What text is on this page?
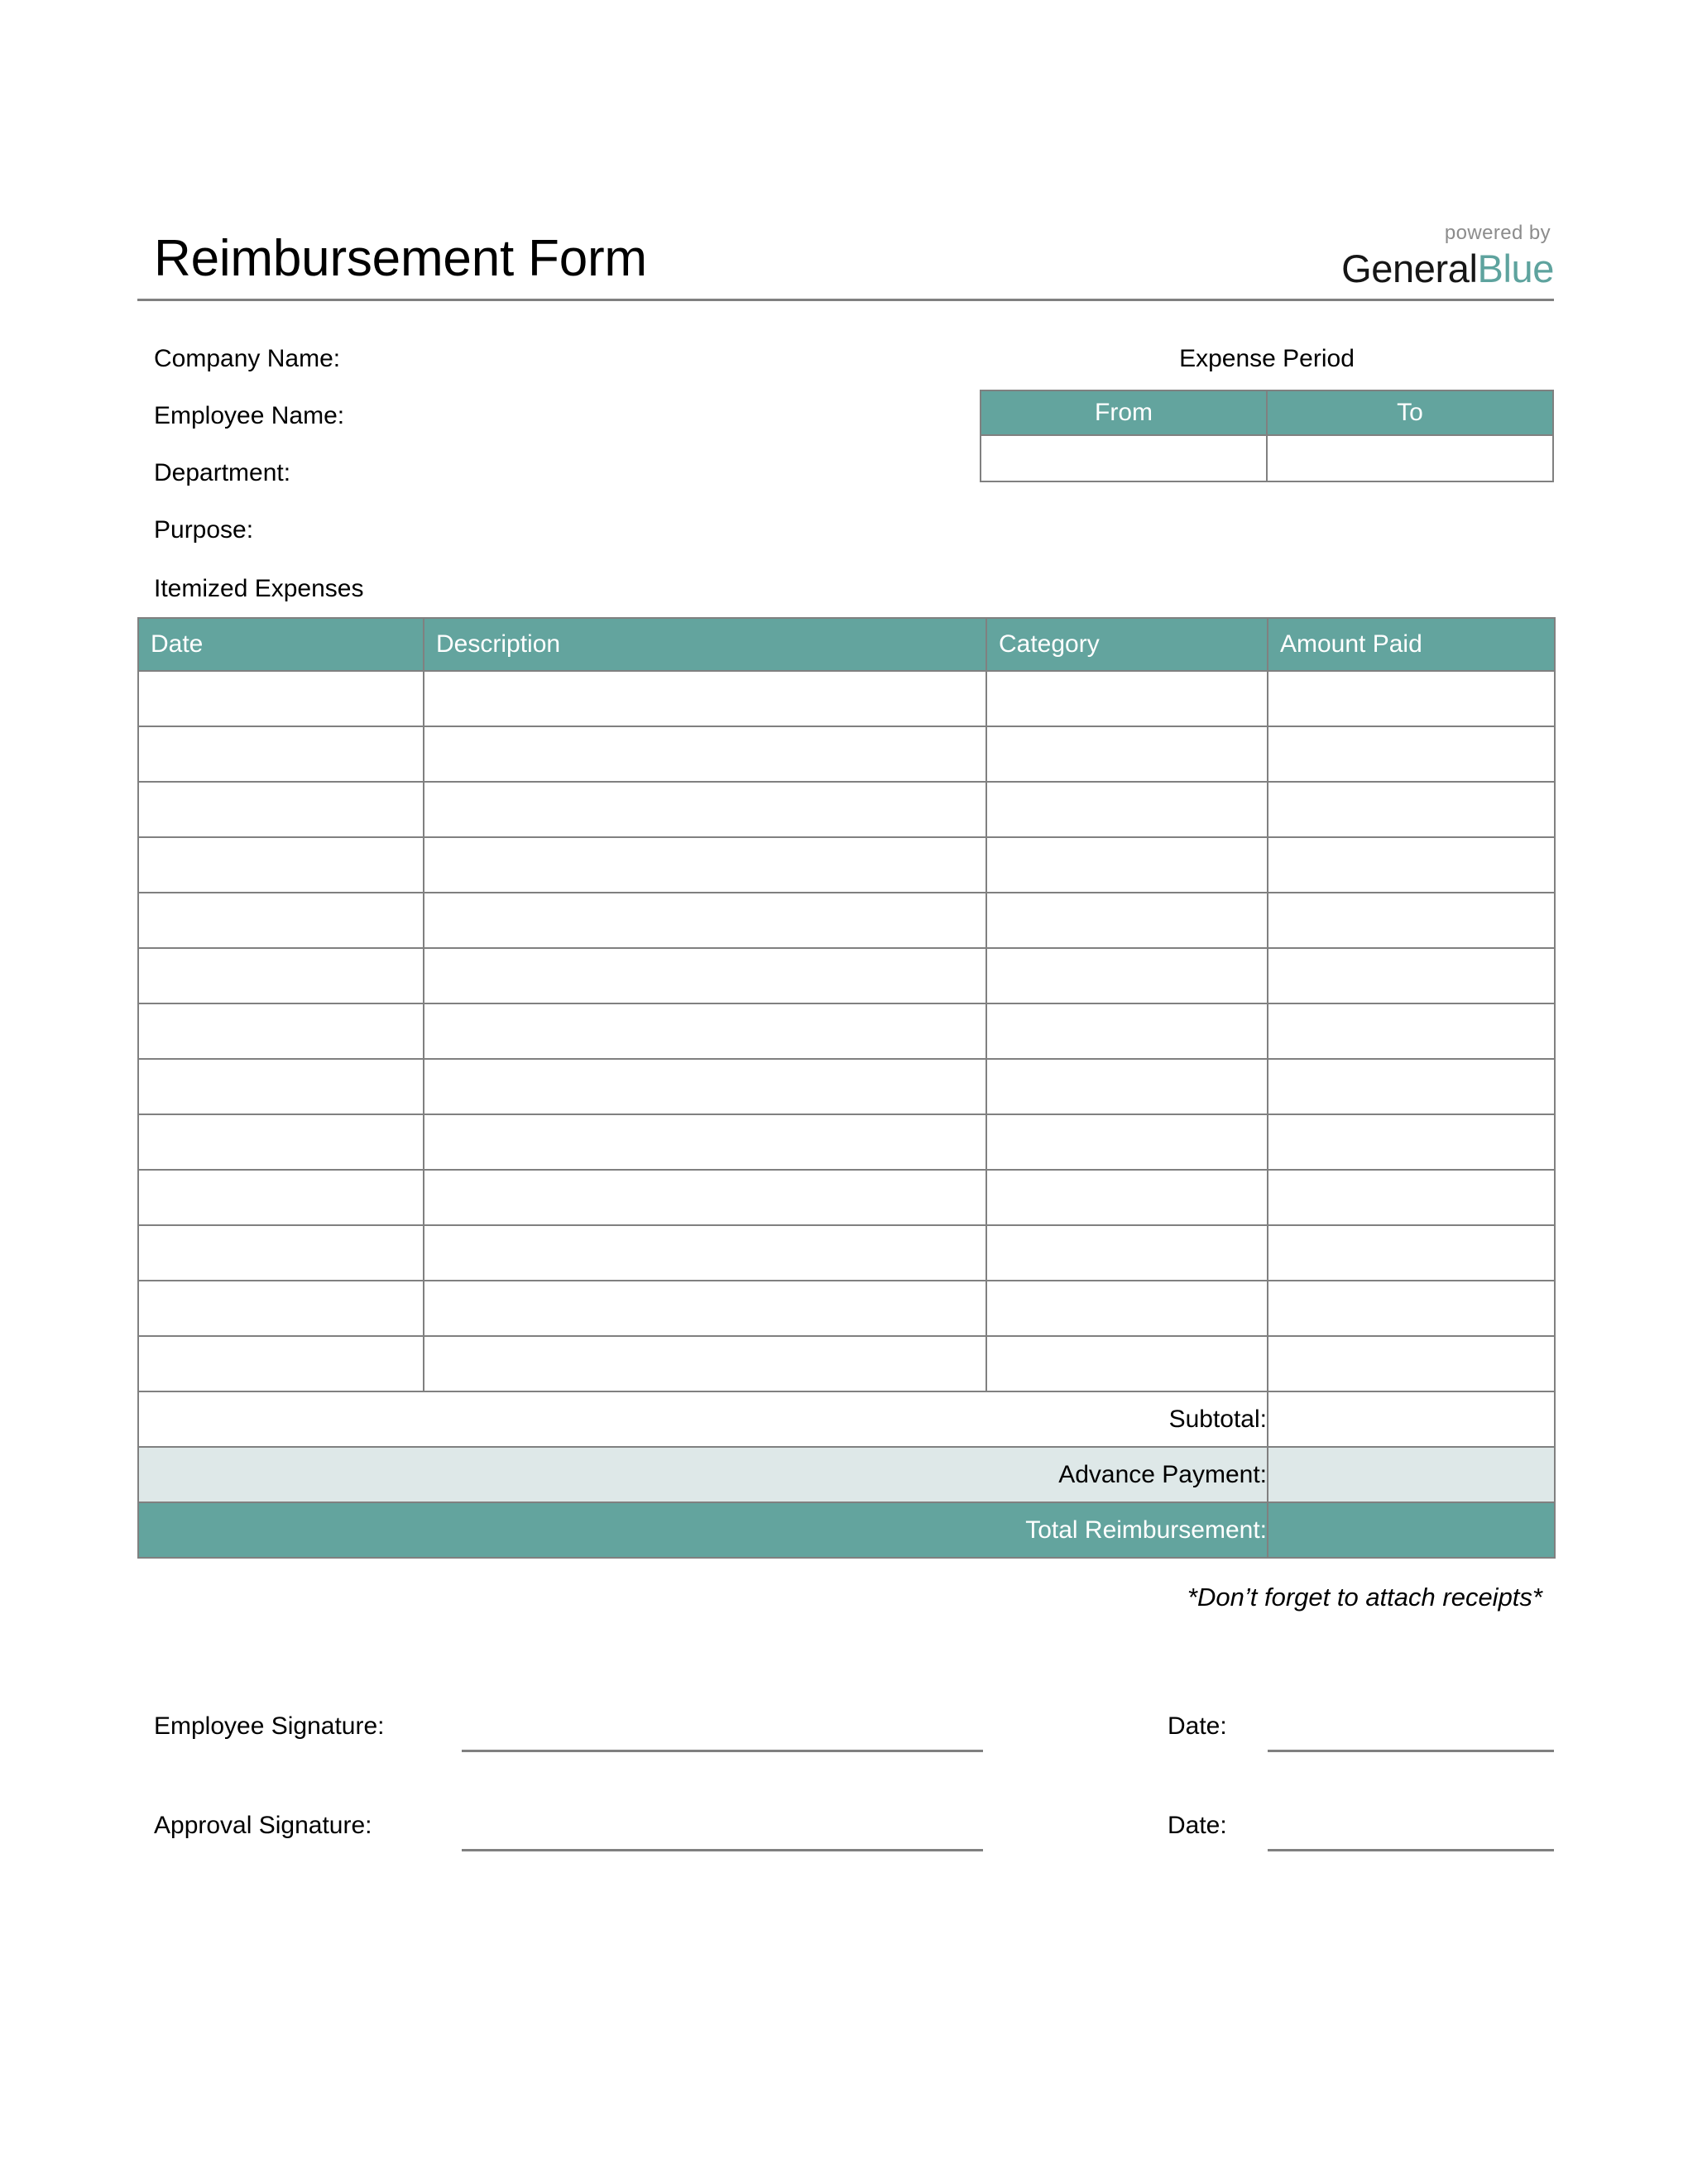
Reimbursement Form	powered by
GeneralBlue
Company Name:
Employee Name:
Department:
Purpose:
Expense Period
From	To

Itemized Expenses
Date	Description	Category	Amount Paid

Subtotal:			
Advance Payment:			
Total Reimbursement:			
*Don’t forget to attach receipts*
Employee Signature:	Date:
Approval Signature:	Date:
